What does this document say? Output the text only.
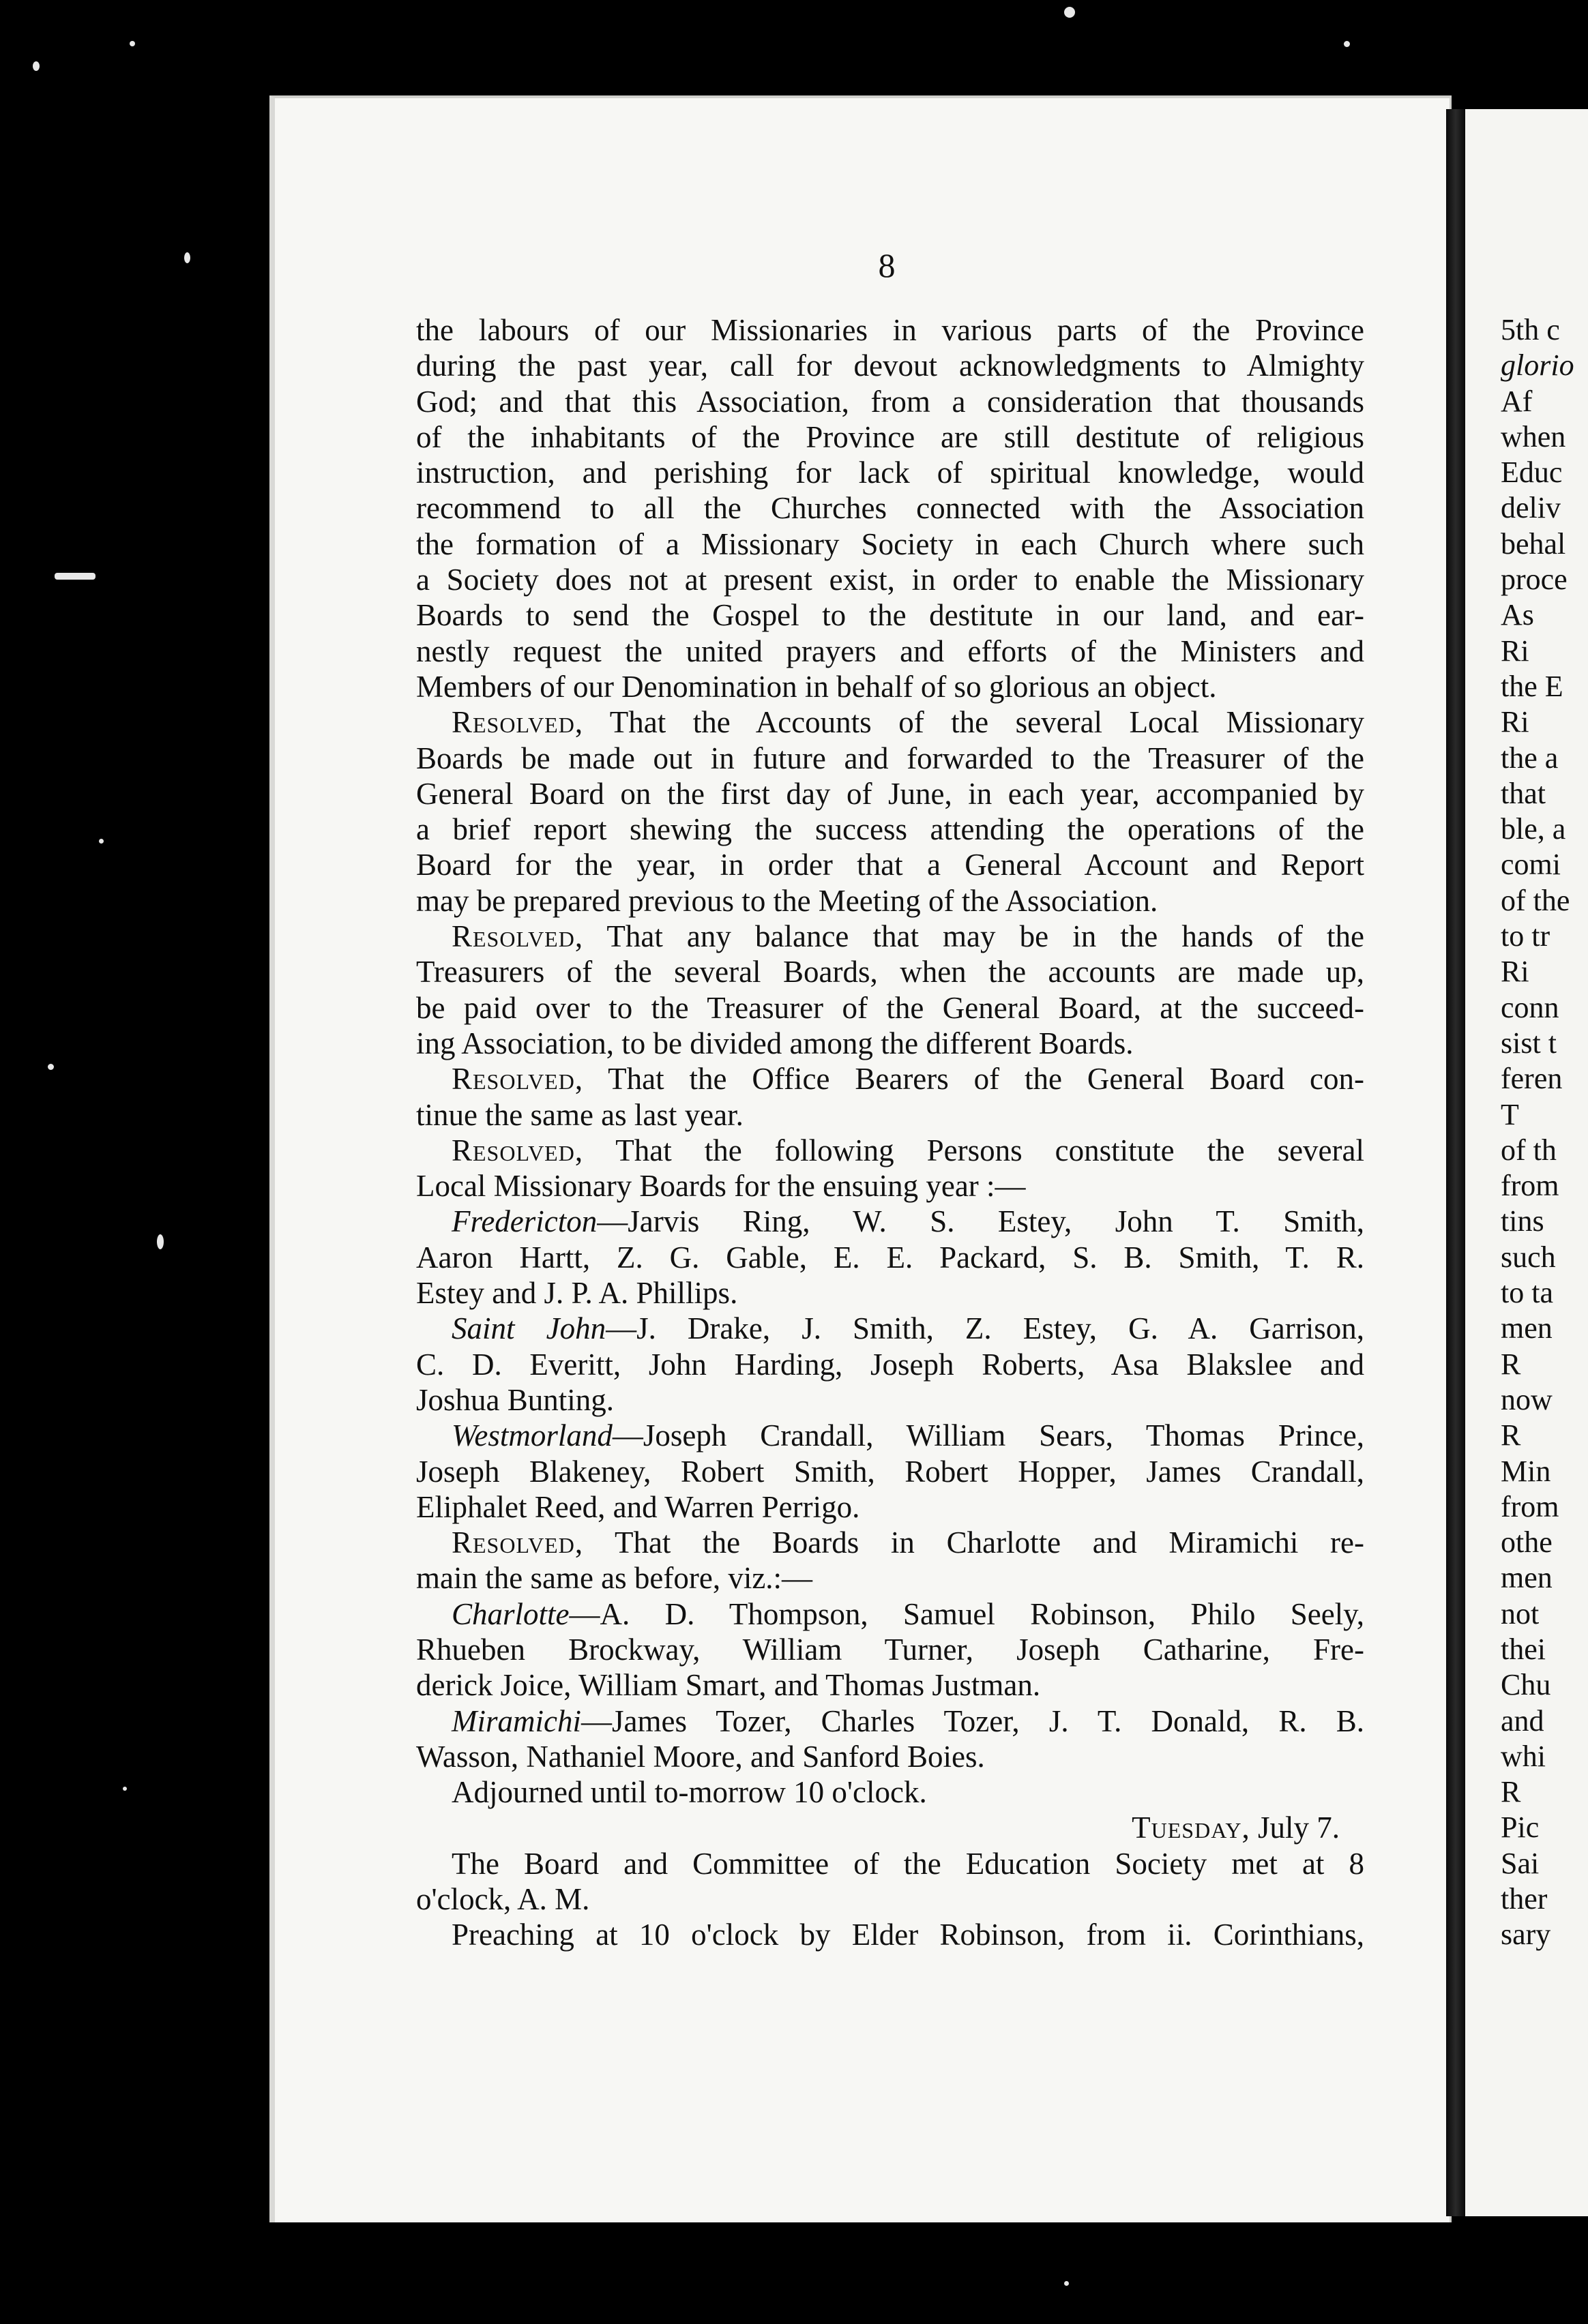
8
the labours of our Missionaries in various parts of the Province
during the past year, call for devout acknowledgments to Almighty
God; and that this Association, from a consideration that thousands
of the inhabitants of the Province are still destitute of religious
instruction, and perishing for lack of spiritual knowledge, would
recommend to all the Churches connected with the Association
the formation of a Missionary Society in each Church where such
a Society does not at present exist, in order to enable the Missionary
Boards to send the Gospel to the destitute in our land, and ear-
nestly request the united prayers and efforts of the Ministers and
Members of our Denomination in behalf of so glorious an object.
Resolved, That the Accounts of the several Local Missionary
Boards be made out in future and forwarded to the Treasurer of the
General Board on the first day of June, in each year, accompanied by
a brief report shewing the success attending the operations of the
Board for the year, in order that a General Account and Report
may be prepared previous to the Meeting of the Association.
Resolved, That any balance that may be in the hands of the
Treasurers of the several Boards, when the accounts are made up,
be paid over to the Treasurer of the General Board, at the succeed-
ing Association, to be divided among the different Boards.
Resolved, That the Office Bearers of the General Board con-
tinue the same as last year.
Resolved, That the following Persons constitute the several
Local Missionary Boards for the ensuing year :—
Fredericton—Jarvis Ring, W. S. Estey, John T. Smith,
Aaron Hartt, Z. G. Gable, E. E. Packard, S. B. Smith, T. R.
Estey and J. P. A. Phillips.
Saint John—J. Drake, J. Smith, Z. Estey, G. A. Garrison,
C. D. Everitt, John Harding, Joseph Roberts, Asa Blakslee and
Joshua Bunting.
Westmorland—Joseph Crandall, William Sears, Thomas Prince,
Joseph Blakeney, Robert Smith, Robert Hopper, James Crandall,
Eliphalet Reed, and Warren Perrigo.
Resolved, That the Boards in Charlotte and Miramichi re-
main the same as before, viz.:—
Charlotte—A. D. Thompson, Samuel Robinson, Philo Seely,
Rhueben Brockway, William Turner, Joseph Catharine, Fre-
derick Joice, William Smart, and Thomas Justman.
Miramichi—James Tozer, Charles Tozer, J. T. Donald, R. B.
Wasson, Nathaniel Moore, and Sanford Boies.
Adjourned until to-morrow 10 o'clock.
Tuesday, July 7.
The Board and Committee of the Education Society met at 8
o'clock, A. M.
Preaching at 10 o'clock by Elder Robinson, from ii. Corinthians,
5th c
glorio
Af
when
Educ
deliv
behal
proce
As
Ri
the E
Ri
the a
that
ble, a
comi
of the
to tr
Ri
conn
sist t
feren
T
of th
from
tins
such
to ta
men
R
now
R
Min
from
othe
men
not
thei
Chu
and
whi
R
Pic
Sai
ther
sary
